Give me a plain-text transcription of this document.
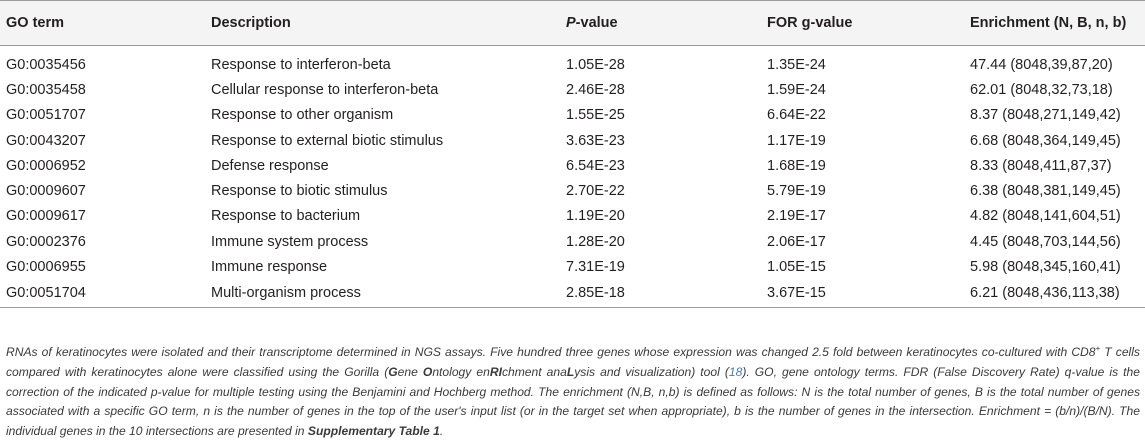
GO term	Description	P-value	FOR g-value	Enrichment (N, B, n, b)
G0:0035456	Response to interferon-beta	1.05E-28	1.35E-24	47.44 (8048,39,87,20)
G0:0035458	Cellular response to interferon-beta	2.46E-28	1.59E-24	62.01 (8048,32,73,18)
G0:0051707	Response to other organism	1.55E-25	6.64E-22	8.37 (8048,271,149,42)
G0:0043207	Response to external biotic stimulus	3.63E-23	1.17E-19	6.68 (8048,364,149,45)
G0:0006952	Defense response	6.54E-23	1.68E-19	8.33 (8048,411,87,37)
G0:0009607	Response to biotic stimulus	2.70E-22	5.79E-19	6.38 (8048,381,149,45)
G0:0009617	Response to bacterium	1.19E-20	2.19E-17	4.82 (8048,141,604,51)
G0:0002376	Immune system process	1.28E-20	2.06E-17	4.45 (8048,703,144,56)
G0:0006955	Immune response	7.31E-19	1.05E-15	5.98 (8048,345,160,41)
G0:0051704	Multi-organism process	2.85E-18	3.67E-15	6.21 (8048,436,113,38)

RNAs of keratinocytes were isolated and their transcriptome determined in NGS assays. Five hundred three genes whose expression was changed 2.5 fold between keratinocytes co-cultured with CD8+ T cells compared with keratinocytes alone were classified using the Gorilla (Gene Ontology enRIchment anaLysis and visualization) tool (18). GO, gene ontology terms. FDR (False Discovery Rate) q-value is the correction of the indicated p-value for multiple testing using the Benjamini and Hochberg method. The enrichment (N,B, n,b) is defined as follows: N is the total number of genes, B is the total number of genes associated with a specific GO term, n is the number of genes in the top of the user's input list (or in the target set when appropriate), b is the number of genes in the intersection. Enrichment = (b/n)/(B/N). The individual genes in the 10 intersections are presented in Supplementary Table 1.
